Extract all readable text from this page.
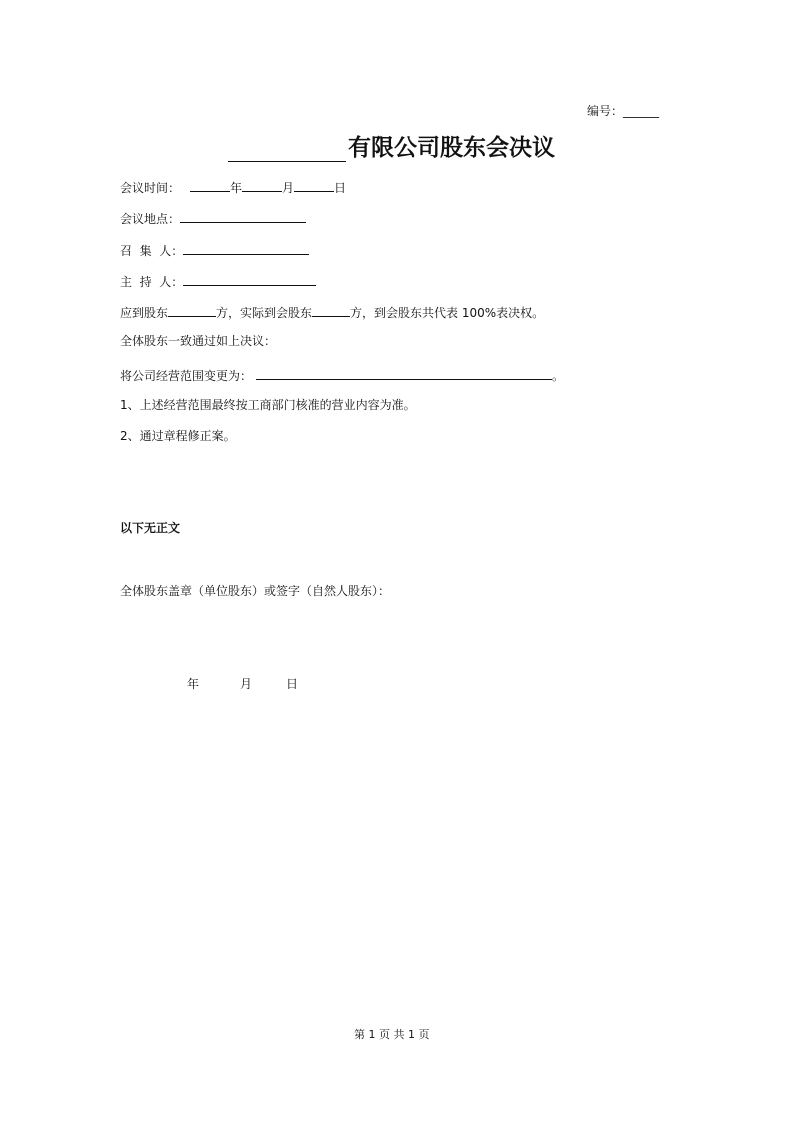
编号：______
有限公司股东会决议
会议时间：	年	月	日
会议地点：
召  集  人：
主  持  人：
应到股东	方，实际到会股东	方，到会股东共代表 100%表决权。
全体股东一致通过如上决议：
将公司经营范围变更为：	。
1、上述经营范围最终按工商部门核准的营业内容为准。
2、通过章程修正案。
以下无正文
全体股东盖章（单位股东）或签字（自然人股东）：
年	月	日
第 1 页 共 1 页
